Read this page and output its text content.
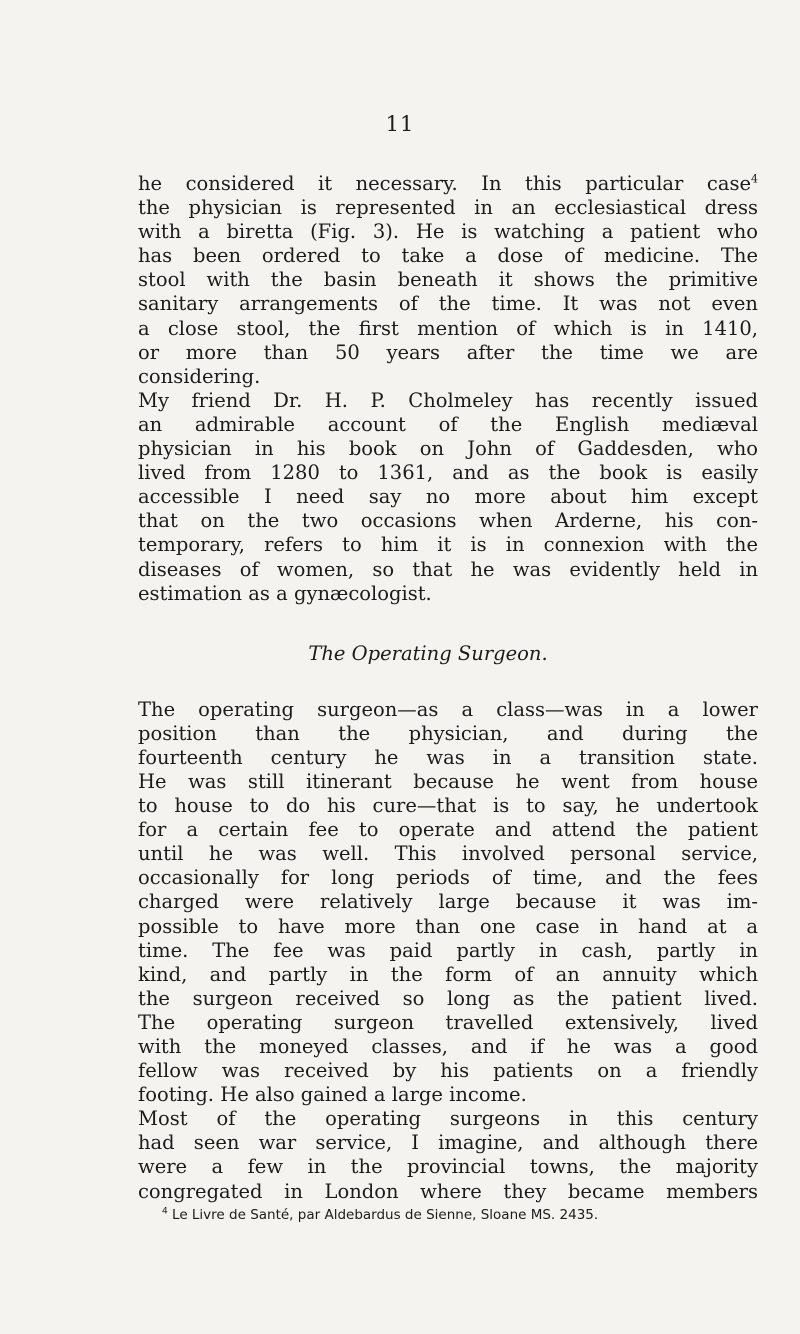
11

he considered it necessary. In this particular case$^4$
the physician is represented in an ecclesiastical dress
with a biretta (Fig. 3). He is watching a patient who
has been ordered to take a dose of medicine. The
stool with the basin beneath it shows the primitive
sanitary arrangements of the time. It was not even
a close stool, the first mention of which is in 1410,
or more than 50 years after the time we are
considering.

My friend Dr. H. P. Cholmeley has recently issued
an admirable account of the English mediæval
physician in his book on John of Gaddesden, who
lived from 1280 to 1361, and as the book is easily
accessible I need say no more about him except
that on the two occasions when Arderne, his con-
temporary, refers to him it is in connexion with the
diseases of women, so that he was evidently held in
estimation as a gynæcologist.

The Operating Surgeon.

The operating surgeon—as a class—was in a lower
position than the physician, and during the
fourteenth century he was in a transition state.
He was still itinerant because he went from house
to house to do his cure—that is to say, he undertook
for a certain fee to operate and attend the patient
until he was well. This involved personal service,
occasionally for long periods of time, and the fees
charged were relatively large because it was im-
possible to have more than one case in hand at a
time. The fee was paid partly in cash, partly in
kind, and partly in the form of an annuity which
the surgeon received so long as the patient lived.
The operating surgeon travelled extensively, lived
with the moneyed classes, and if he was a good
fellow was received by his patients on a friendly
footing. He also gained a large income.

Most of the operating surgeons in this century
had seen war service, I imagine, and although there
were a few in the provincial towns, the majority
congregated in London where they became members

$^4$ Le Livre de Santé, par Aldebardus de Sienne, Sloane MS. 2435.
